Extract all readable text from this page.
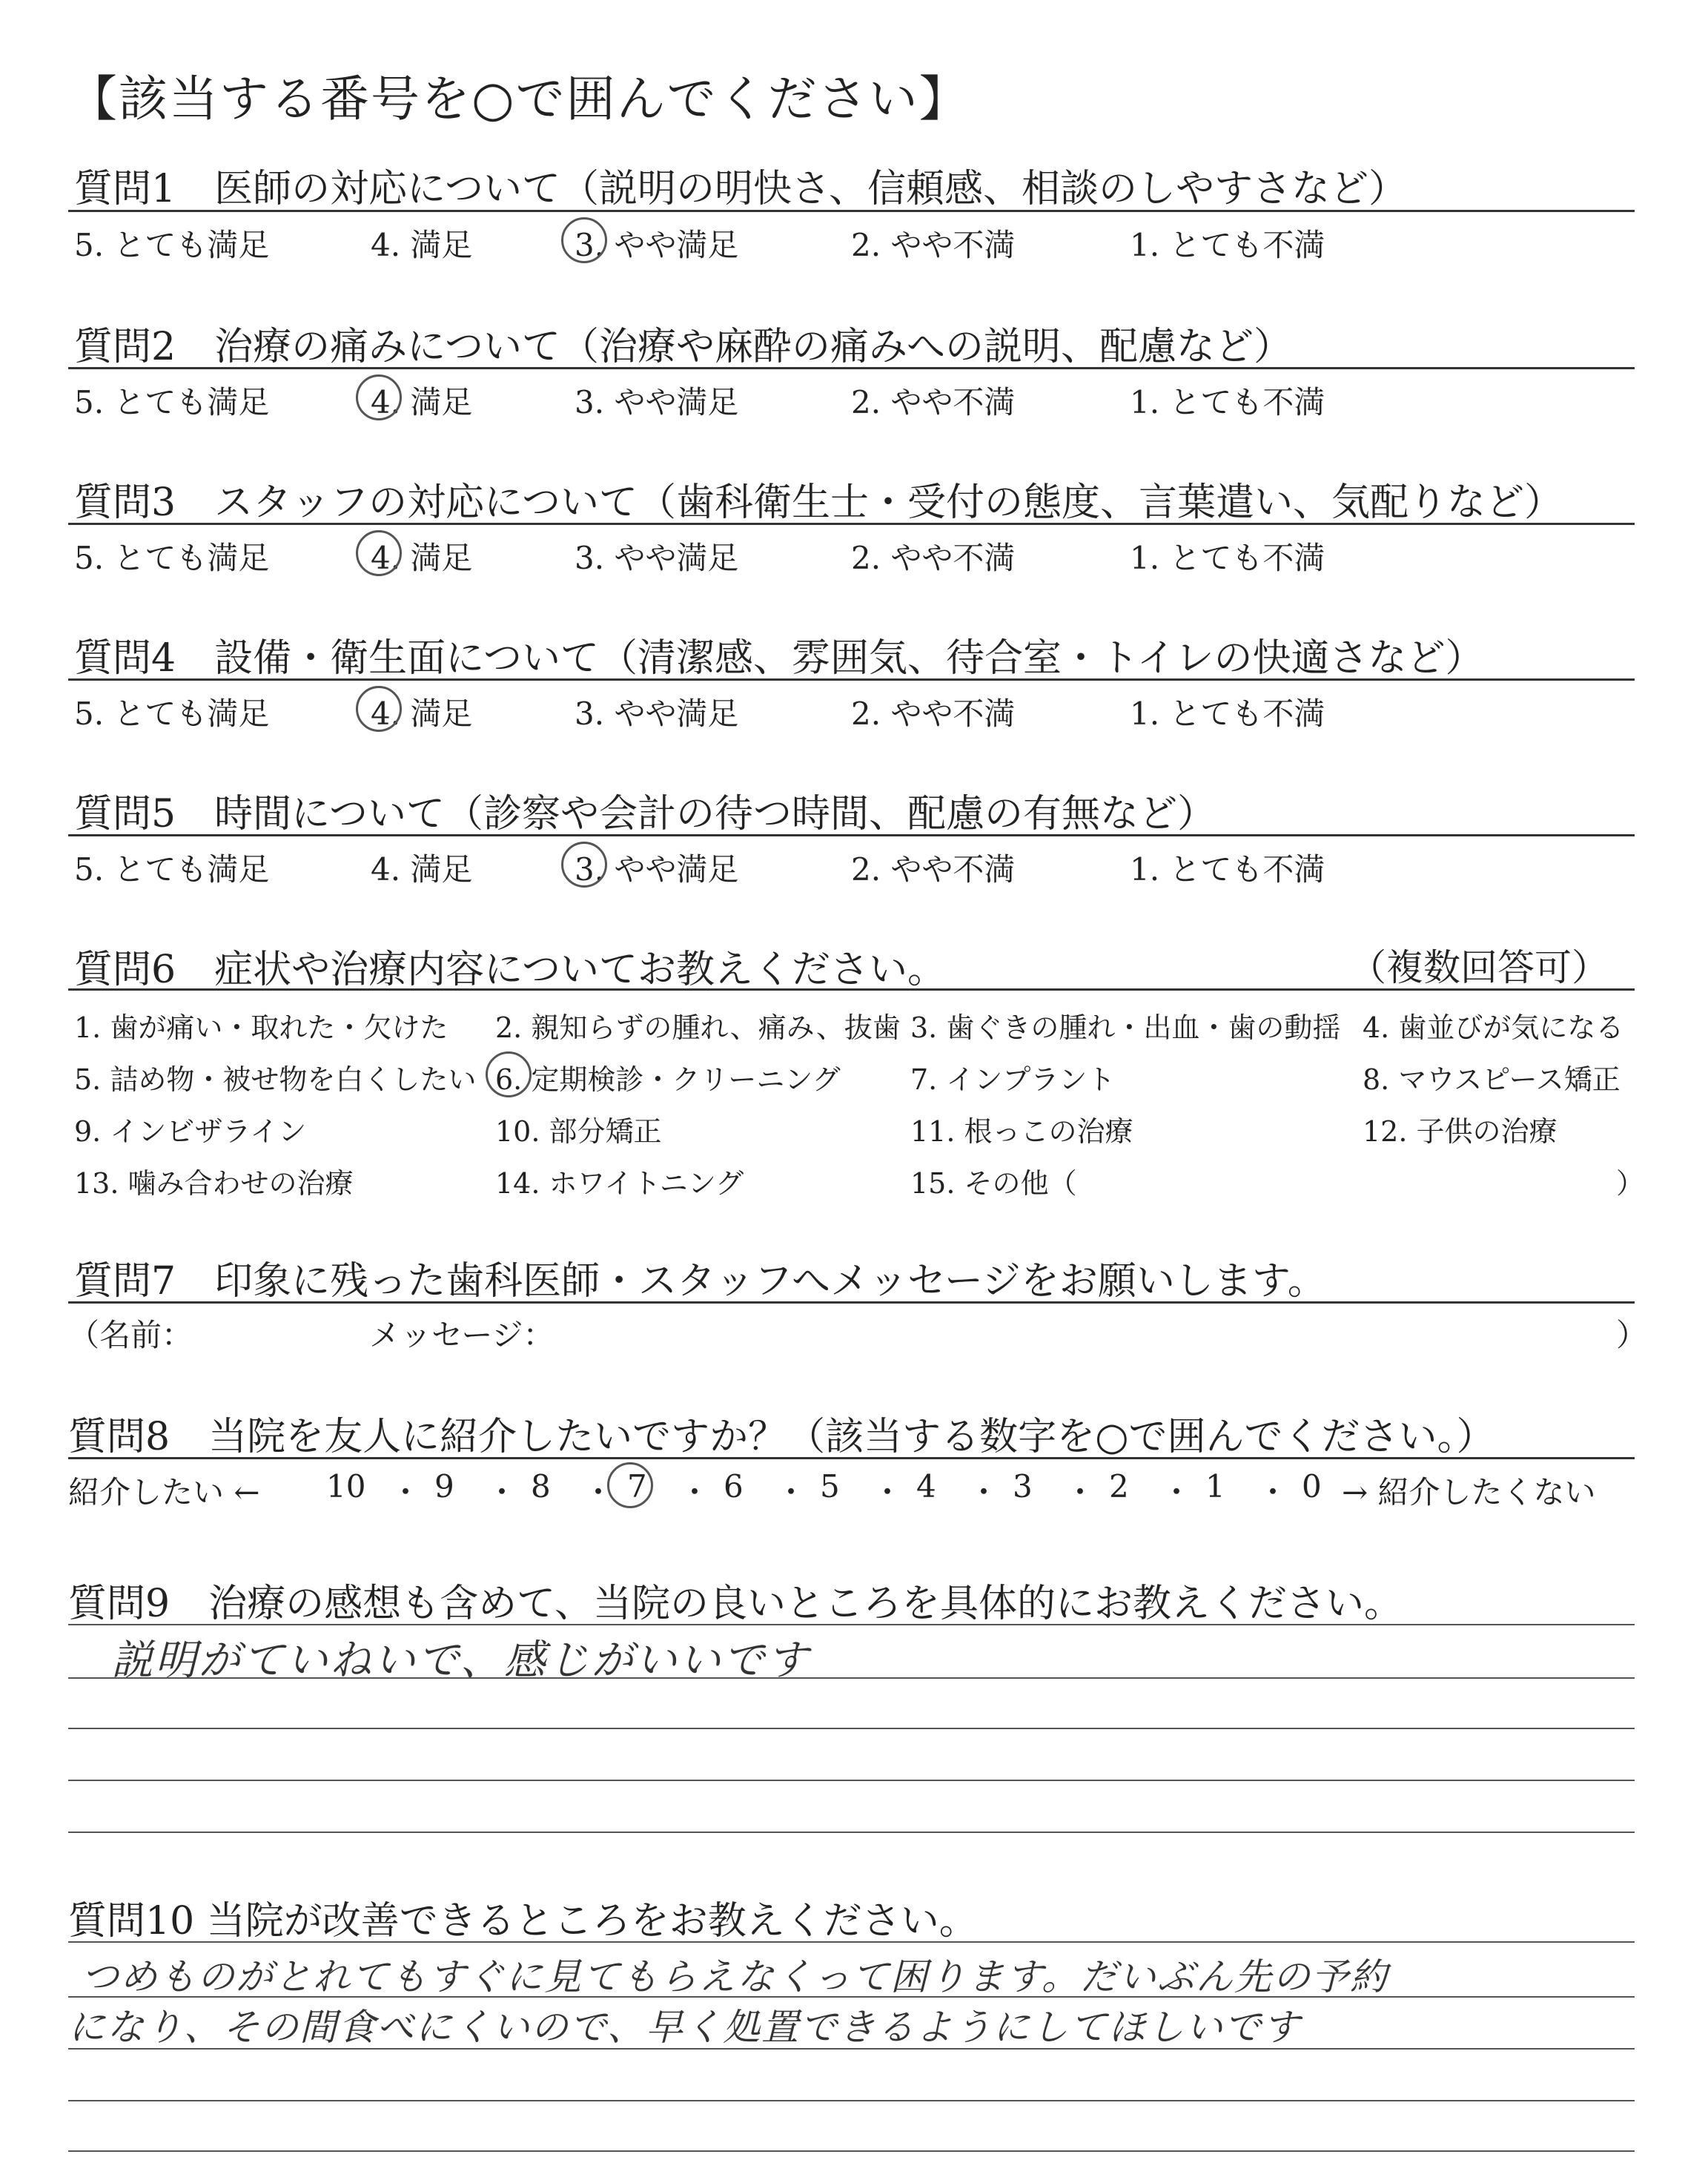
【該当する番号を○で囲んでください】
質問1　医師の対応について（説明の明快さ、信頼感、相談のしやすさなど）
5. とても満足	4. 満足	3. やや満足	2. やや不満	1. とても不満
質問2　治療の痛みについて（治療や麻酔の痛みへの説明、配慮など）
5. とても満足	4. 満足	3. やや満足	2. やや不満	1. とても不満
質問3　スタッフの対応について（歯科衛生士・受付の態度、言葉遣い、気配りなど）
5. とても満足	4. 満足	3. やや満足	2. やや不満	1. とても不満
質問4　設備・衛生面について（清潔感、雰囲気、待合室・トイレの快適さなど）
5. とても満足	4. 満足	3. やや満足	2. やや不満	1. とても不満
質問5　時間について（診察や会計の待つ時間、配慮の有無など）
5. とても満足	4. 満足	3. やや満足	2. やや不満	1. とても不満
質問6　症状や治療内容についてお教えください。	（複数回答可）
1. 歯が痛い・取れた・欠けた 2. 親知らずの腫れ、痛み、抜歯 3. 歯ぐきの腫れ・出血・歯の動揺 4. 歯並びが気になる
5. 詰め物・被せ物を白くしたい 6. 定期検診・クリーニング 7. インプラント	8. マウスピース矯正
9. インビザライン	10. 部分矯正	11. 根っこの治療	12. 子供の治療
13. 噛み合わせの治療	14. ホワイトニング	15. その他（	）
質問7　印象に残った歯科医師・スタッフへメッセージをお願いします。
（名前：	メッセージ：	）
質問8　当院を友人に紹介したいですか？（該当する数字を○で囲んでください。）
紹介したい ← 10 ・ 9 ・ 8 ・ 7 ・ 6 ・ 5 ・ 4 ・ 3 ・ 2 ・ 1 ・ 0 → 紹介したくない
質問9　治療の感想も含めて、当院の良いところを具体的にお教えください。
説明がていねいで、感じがいいです
質問10 当院が改善できるところをお教えください。
つめものがとれてもすぐに見てもらえなくって困ります。だいぶん先の予約
になり、その間食べにくいので、早く処置できるようにしてほしいです
